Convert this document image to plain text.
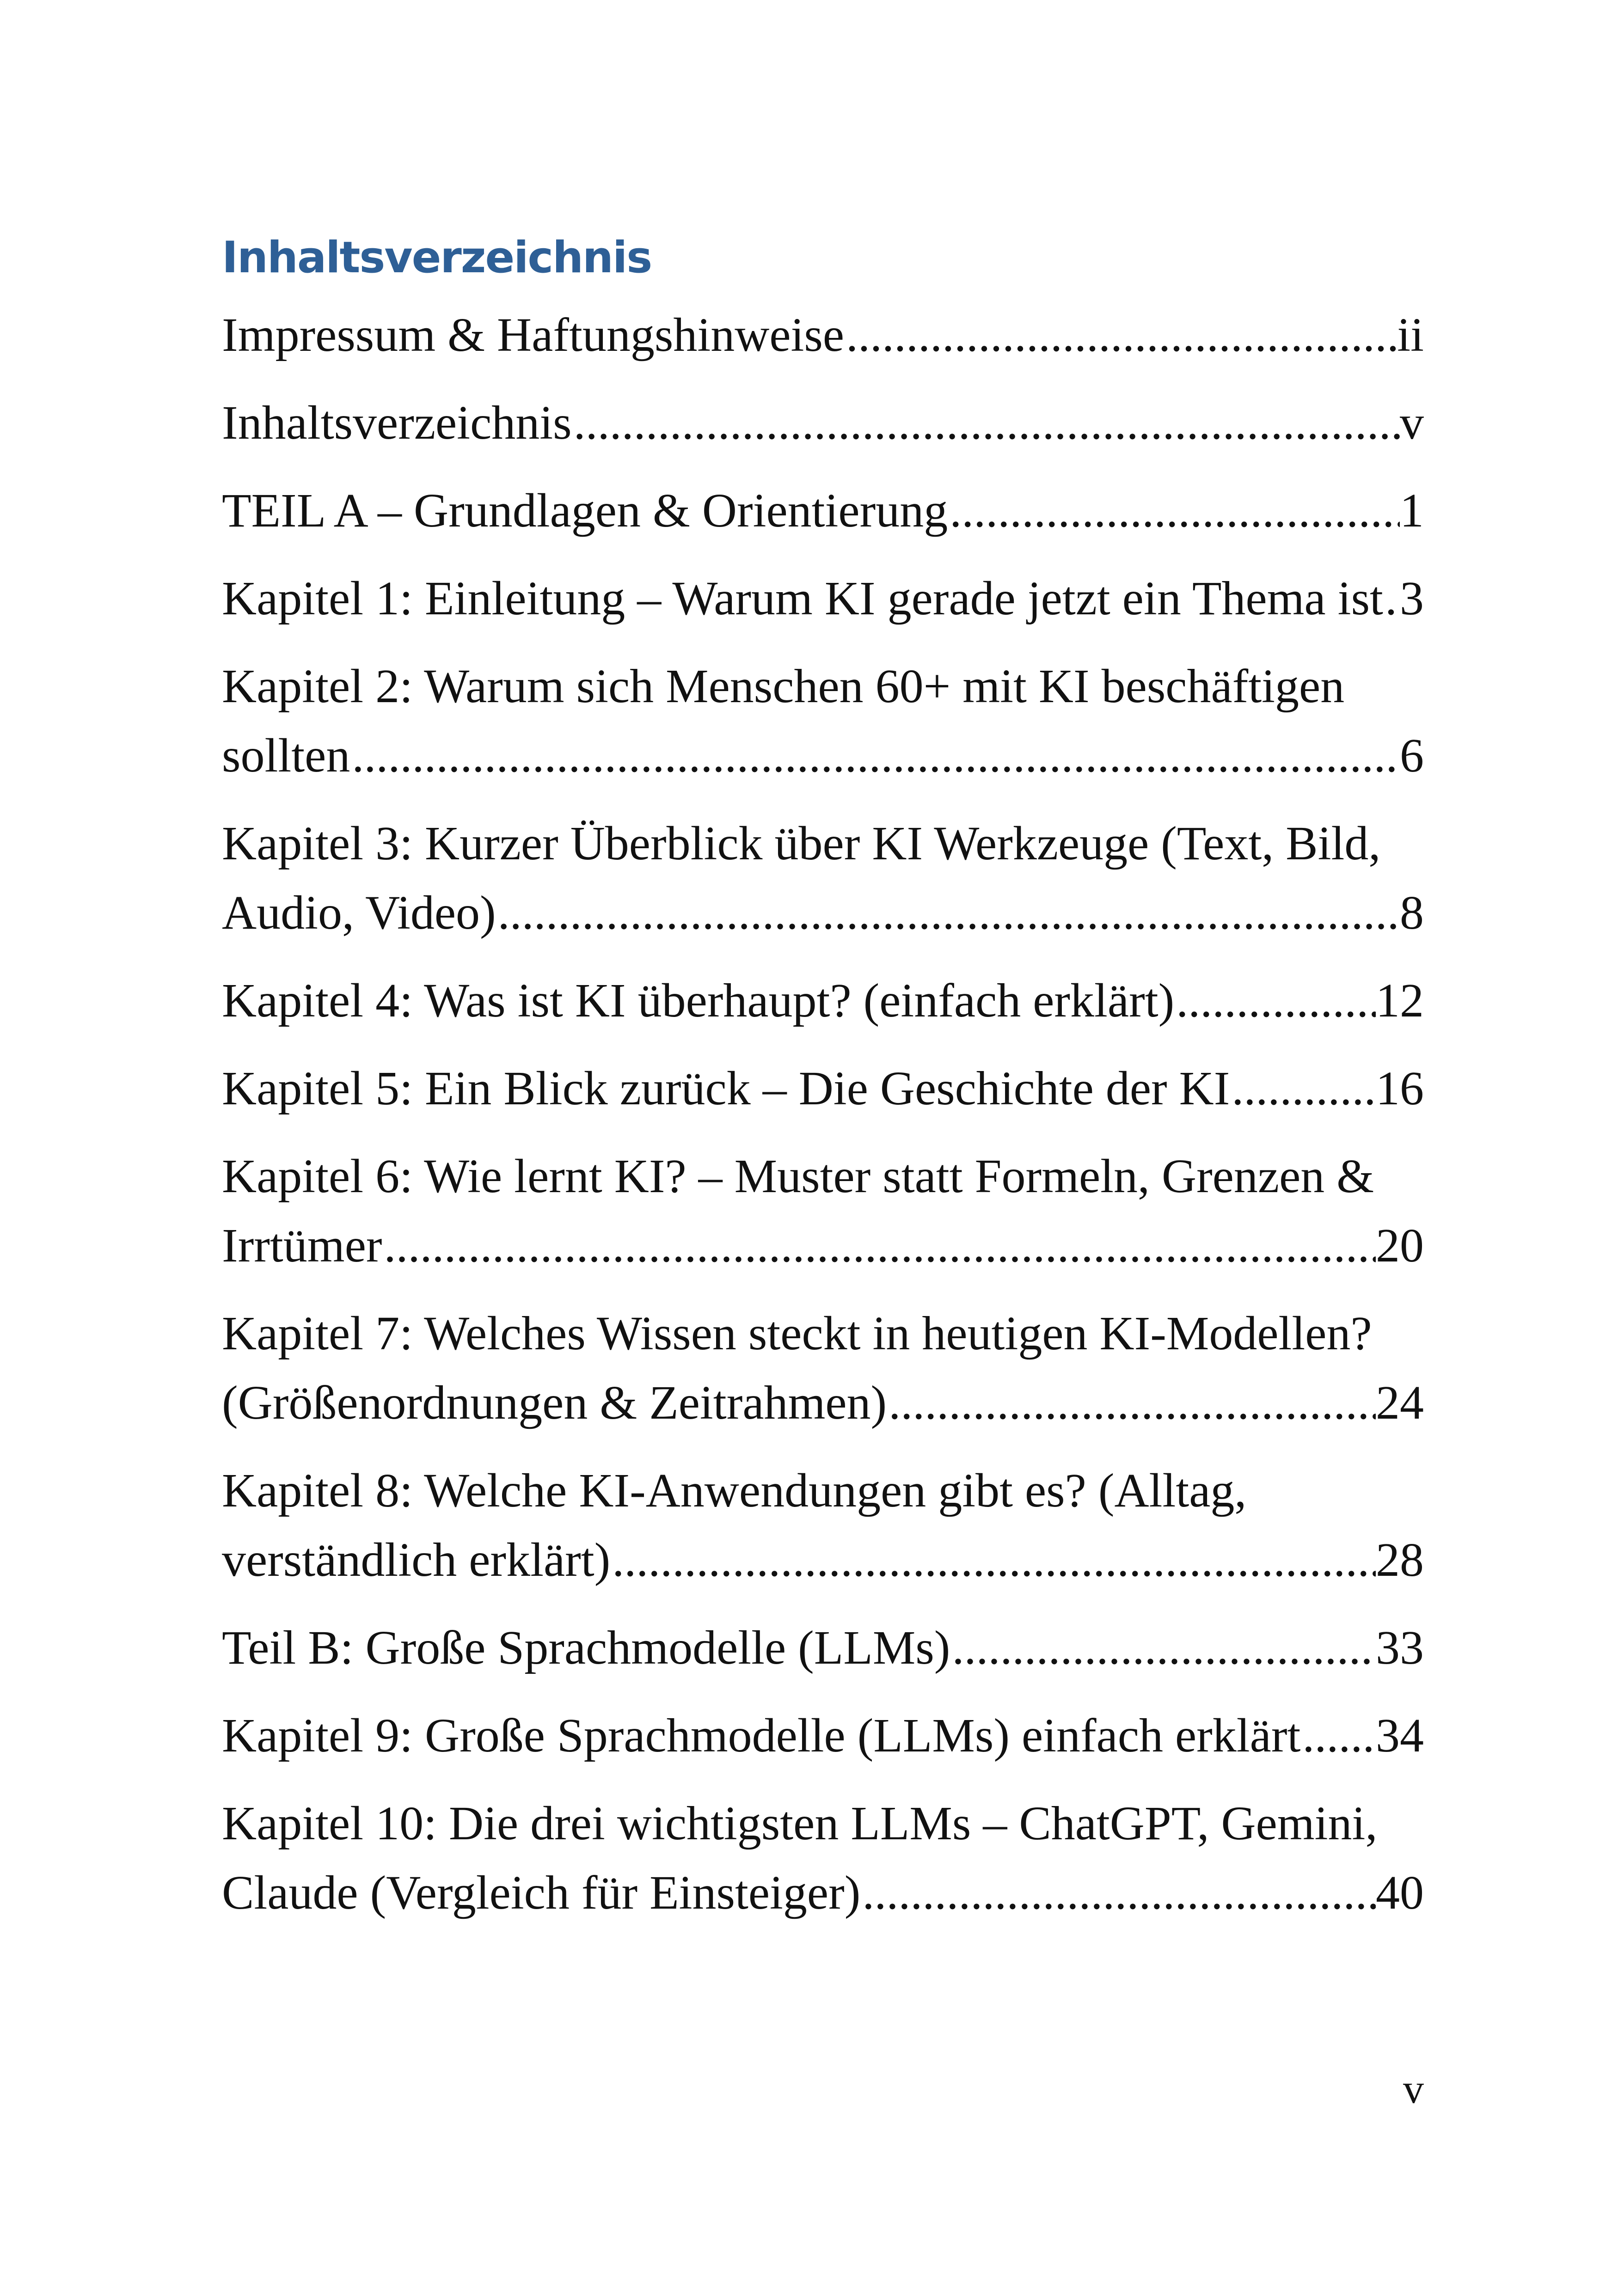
Inhaltsverzeichnis
Impressum & Haftungshinweise .....	ii
Inhaltsverzeichnis .....	v
TEIL A – Grundlagen & Orientierung .....	1
Kapitel 1: Einleitung – Warum KI gerade jetzt ein Thema ist ..... 3
Kapitel 2: Warum sich Menschen 60+ mit KI beschäftigen
sollten .....	6
Kapitel 3: Kurzer Überblick über KI Werkzeuge (Text, Bild,
Audio, Video) .....	8
Kapitel 4: Was ist KI überhaupt? (einfach erklärt) .....	12
Kapitel 5: Ein Blick zurück – Die Geschichte der KI .....	16
Kapitel 6: Wie lernt KI? – Muster statt Formeln, Grenzen &
Irrtümer .....	20
Kapitel 7: Welches Wissen steckt in heutigen KI-Modellen?
(Größenordnungen & Zeitrahmen) .....	24
Kapitel 8: Welche KI-Anwendungen gibt es? (Alltag,
verständlich erklärt) .....	28
Teil B: Große Sprachmodelle (LLMs) .....	33
Kapitel 9: Große Sprachmodelle (LLMs) einfach erklärt ..... 34
Kapitel 10: Die drei wichtigsten LLMs – ChatGPT, Gemini,
Claude (Vergleich für Einsteiger) .....	40
v
